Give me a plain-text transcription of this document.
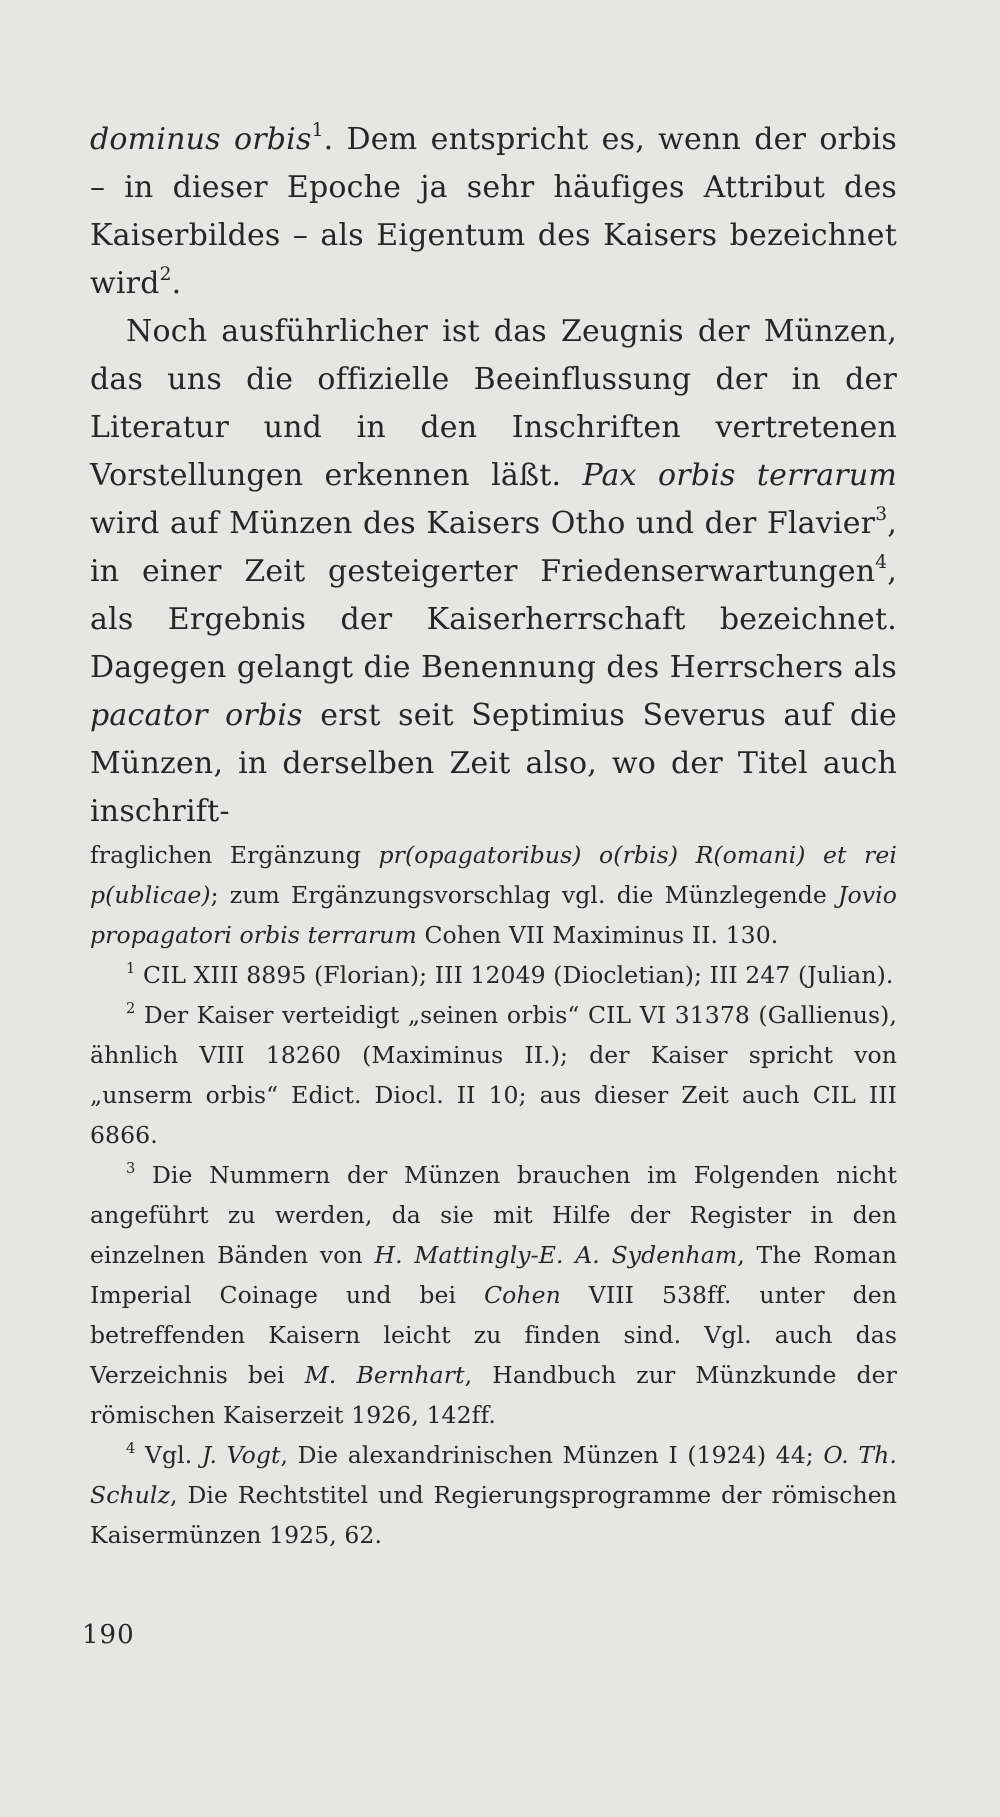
dominus orbis$^1$. Dem entspricht es, wenn der orbis – in dieser Epoche ja sehr häufiges Attribut des Kaiserbildes – als Eigentum des Kaisers bezeichnet wird$^2$.

Noch ausführlicher ist das Zeugnis der Münzen, das uns die offizielle Beeinflussung der in der Literatur und in den Inschriften vertretenen Vorstellungen erkennen läßt. Pax orbis terrarum wird auf Münzen des Kaisers Otho und der Flavier$^3$, in einer Zeit gesteigerter Friedenserwartungen$^4$, als Ergebnis der Kaiserherrschaft bezeichnet. Dagegen gelangt die Benennung des Herrschers als pacator orbis erst seit Septimius Severus auf die Münzen, in derselben Zeit also, wo der Titel auch inschrift-

fraglichen Ergänzung pr(opagatoribus) o(rbis) R(omani) et rei p(ublicae); zum Ergänzungsvorschlag vgl. die Münzlegende Jovio propagatori orbis terrarum Cohen VII Maximinus II. 130.

$^1$ CIL XIII 8895 (Florian); III 12049 (Diocletian); III 247 (Julian).

$^2$ Der Kaiser verteidigt „seinen orbis“ CIL VI 31378 (Gallienus), ähnlich VIII 18260 (Maximinus II.); der Kaiser spricht von „unserm orbis“ Edict. Diocl. II 10; aus dieser Zeit auch CIL III 6866.

$^3$ Die Nummern der Münzen brauchen im Folgenden nicht angeführt zu werden, da sie mit Hilfe der Register in den einzelnen Bänden von H. Mattingly-E. A. Sydenham, The Roman Imperial Coinage und bei Cohen VIII 538ff. unter den betreffenden Kaisern leicht zu finden sind. Vgl. auch das Verzeichnis bei M. Bernhart, Handbuch zur Münzkunde der römischen Kaiserzeit 1926, 142ff.

$^4$ Vgl. J. Vogt, Die alexandrinischen Münzen I (1924) 44; O. Th. Schulz, Die Rechtstitel und Regierungsprogramme der römischen Kaisermünzen 1925, 62.

190
